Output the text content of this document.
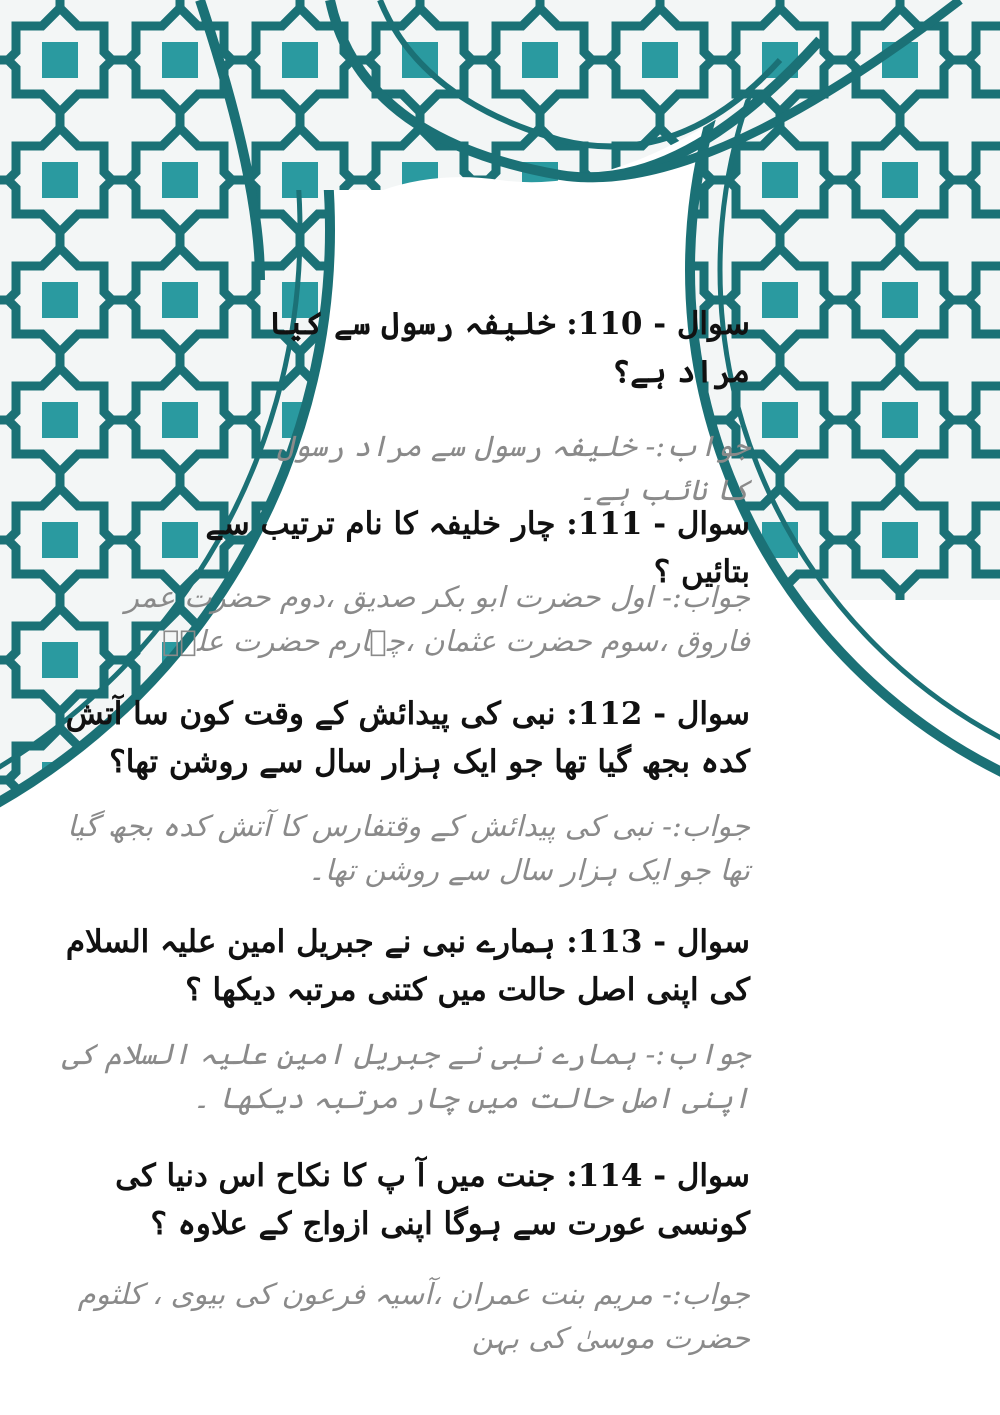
سوال - 110: خلیفہ رسول سے کیا مراد ہے؟
جواب:- خلیفہ رسول سے مراد رسول کا نائب ہے۔
سوال - 111: چار خلیفہ کا نام ترتیب سے بتائیں ؟
جواب:- اول حضرت ابو بکر صدیق ،دوم حضرت عمر فاروق ،سوم حضرت عثمان ،چہارم حضرت علیؓ
سوال - 112: نبی کی پیدائش کے وقت کون سا آتش کدہ بجھ گیا تھا جو ایک ہزار سال سے روشن تھا؟
جواب:- نبی کی پیدائش کے وقتفارس کا آتش کدہ بجھ گیا تھا جو ایک ہزار سال سے روشن تھا۔
سوال - 113: ہمارے نبی نے جبریل امین علیہ السلام کی اپنی اصل حالت میں کتنی مرتبہ دیکھا ؟
جواب:- ہمارے نبی نے جبریل امین علیہ السلام کی اپنی اصل حالت میں چار مرتبہ دیکھا ۔
سوال - 114: جنت میں آ پ کا نکاح اس دنیا کی کونسی عورت سے ہوگا اپنی ازواج کے علاوہ ؟
جواب:- مریم بنت عمران ،آسیہ فرعون کی بیوی ، کلثوم حضرت موسیٰ کی بہن
